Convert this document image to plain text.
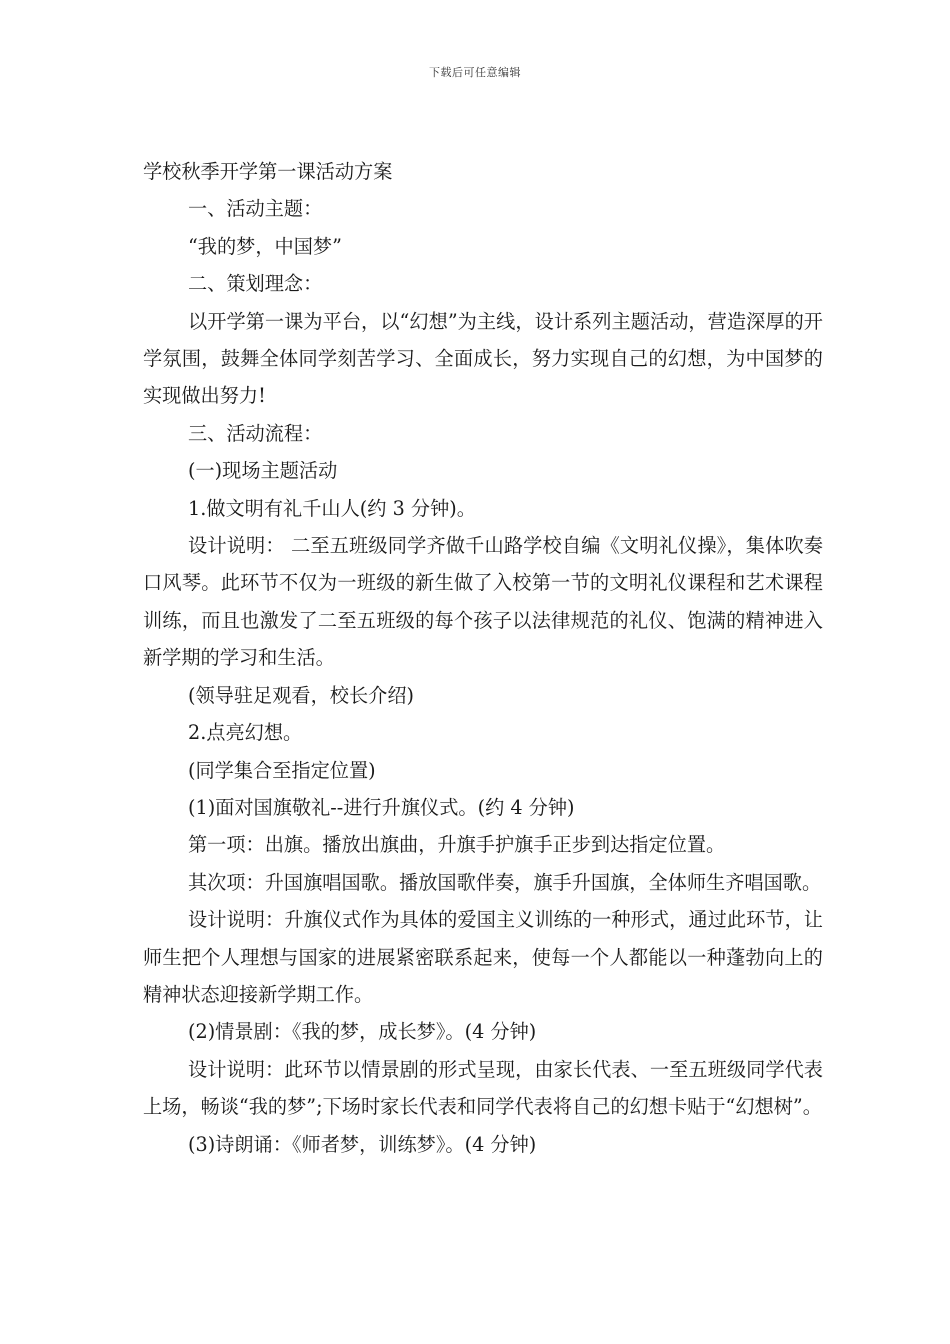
下载后可任意编辑

学校秋季开学第一课活动方案

一、活动主题：

“我的梦，中国梦”

二、策划理念：

以开学第一课为平台，以“幻想”为主线，设计系列主题活动，营造深厚的开学氛围，鼓舞全体同学刻苦学习、全面成长，努力实现自己的幻想，为中国梦的实现做出努力!

三、活动流程：

(一)现场主题活动

1.做文明有礼千山人(约 3 分钟)。

设计说明： 二至五班级同学齐做千山路学校自编《文明礼仪操》，集体吹奏口风琴。此环节不仅为一班级的新生做了入校第一节的文明礼仪课程和艺术课程训练，而且也激发了二至五班级的每个孩子以法律规范的礼仪、饱满的精神进入新学期的学习和生活。

(领导驻足观看，校长介绍)

2.点亮幻想。

(同学集合至指定位置)

(1)面对国旗敬礼--进行升旗仪式。(约 4 分钟)

第一项：出旗。播放出旗曲，升旗手护旗手正步到达指定位置。

其次项：升国旗唱国歌。播放国歌伴奏，旗手升国旗，全体师生齐唱国歌。

设计说明：升旗仪式作为具体的爱国主义训练的一种形式，通过此环节，让师生把个人理想与国家的进展紧密联系起来，使每一个人都能以一种蓬勃向上的精神状态迎接新学期工作。

(2)情景剧：《我的梦，成长梦》。(4 分钟)

设计说明：此环节以情景剧的形式呈现，由家长代表、一至五班级同学代表上场，畅谈“我的梦”;下场时家长代表和同学代表将自己的幻想卡贴于“幻想树”。

(3)诗朗诵：《师者梦，训练梦》。(4 分钟)
